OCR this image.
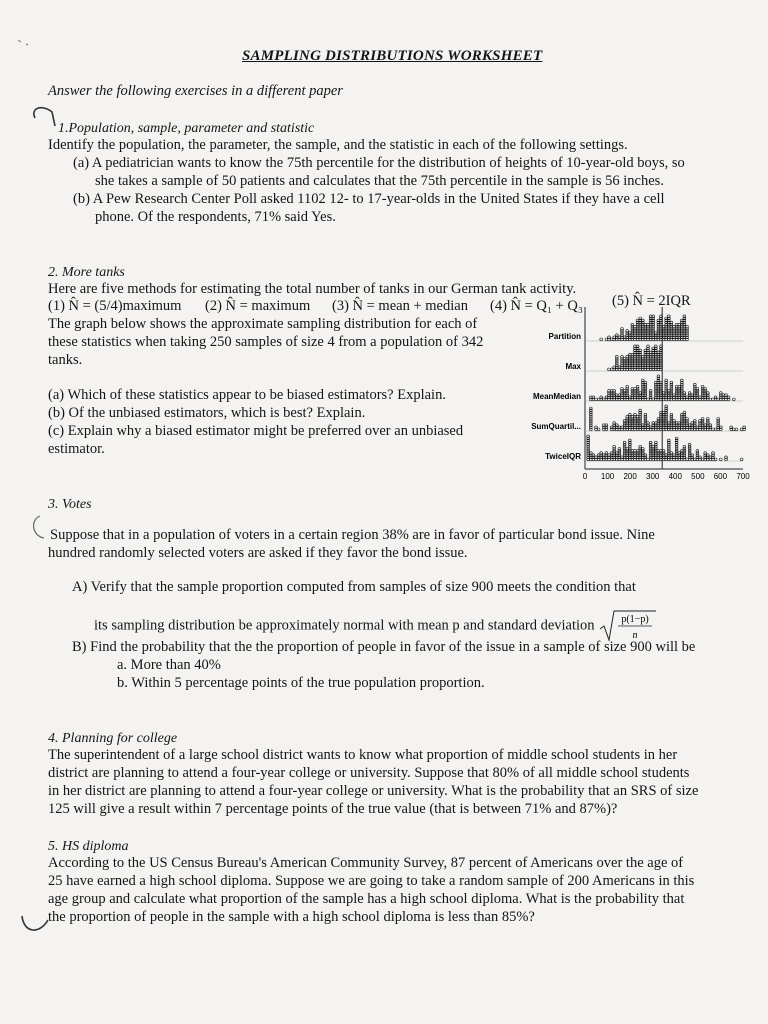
SAMPLING DISTRIBUTIONS WORKSHEET
Answer the following exercises in a different paper
1.Population, sample, parameter and statistic
Identify the population, the parameter, the sample, and the statistic in each of the following settings.
(a) A pediatrician wants to know the 75th percentile for the distribution of heights of 10-year-old boys, so
she takes a sample of 50 patients and calculates that the 75th percentile in the sample is 56 inches.
(b) A Pew Research Center Poll asked 1102 12- to 17-year-olds in the United States if they have a cell
phone. Of the respondents, 71% said Yes.
2. More tanks
Here are five methods for estimating the total number of tanks in our German tank activity.
(1) N̂ = (5/4)maximum (2) N̂ = maximum (3) N̂ = mean + median (4) N̂ = Q₁ + Q₃ (5) N̂ = 2IQR
The graph below shows the approximate sampling distribution for each of
these statistics when taking 250 samples of size 4 from a population of 342
tanks.
(a) Which of these statistics appear to be biased estimators? Explain.
(b) Of the unbiased estimators, which is best? Explain.
(c) Explain why a biased estimator might be preferred over an unbiased
estimator.
0 100 200 300 400 500 600 700
Partition
Max
MeanMedian
SumQuartil...
TwiceIQR
3. Votes
Suppose that in a population of voters in a certain region 38% are in favor of particular bond issue. Nine
hundred randomly selected voters are asked if they favor the bond issue.
A) Verify that the sample proportion computed from samples of size 900 meets the condition that
its sampling distribution be approximately normal with mean p and standard deviation	p(1−p)
n
B) Find the probability that the the proportion of people in favor of the issue in a sample of size 900 will be
a. More than 40%
b. Within 5 percentage points of the true population proportion.
4. Planning for college
The superintendent of a large school district wants to know what proportion of middle school students in her
district are planning to attend a four-year college or university. Suppose that 80% of all middle school students
in her district are planning to attend a four-year college or university. What is the probability that an SRS of size
125 will give a result within 7 percentage points of the true value (that is between 71% and 87%)?
5. HS diploma
According to the US Census Bureau's American Community Survey, 87 percent of Americans over the age of
25 have earned a high school diploma. Suppose we are going to take a random sample of 200 Americans in this
age group and calculate what proportion of the sample has a high school diploma. What is the probability that
the proportion of people in the sample with a high school diploma is less than 85%?
